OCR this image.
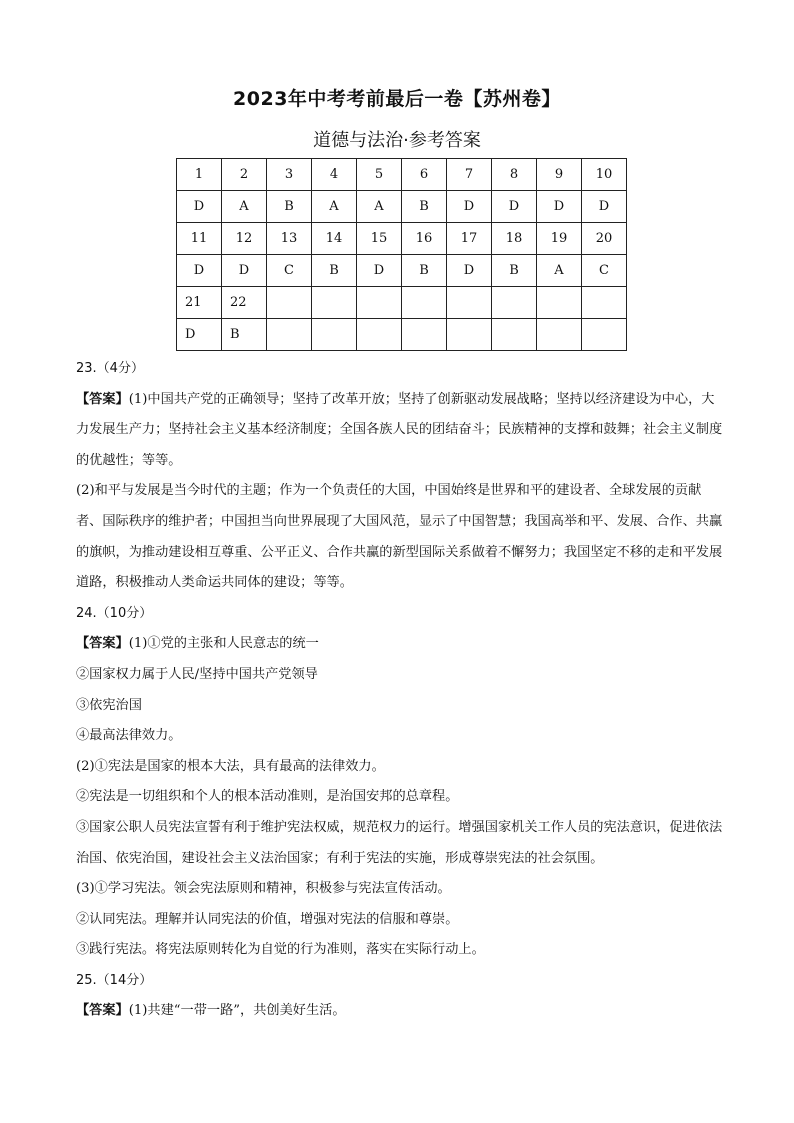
2023年中考考前最后一卷【苏州卷】
道德与法治·参考答案
1	2	3	4	5	6	7	8	9	10
D	A	B	A	A	B	D	D	D	D
11	12	13	14	15	16	17	18	19	20
D	D	C	B	D	B	D	B	A	C
21	22								
D	B								

23.（4分）

【答案】(1)中国共产党的正确领导；坚持了改革开放；坚持了创新驱动发展战略；坚持以经济建设为中心，大力发展生产力；坚持社会主义基本经济制度；全国各族人民的团结奋斗；民族精神的支撑和鼓舞；社会主义制度的优越性；等等。

(2)和平与发展是当今时代的主题；作为一个负责任的大国，中国始终是世界和平的建设者、全球发展的贡献者、国际秩序的维护者；中国担当向世界展现了大国风范，显示了中国智慧；我国高举和平、发展、合作、共赢的旗帜，为推动建设相互尊重、公平正义、合作共赢的新型国际关系做着不懈努力；我国坚定不移的走和平发展道路，积极推动人类命运共同体的建设；等等。

24.（10分）

【答案】(1)①党的主张和人民意志的统一

②国家权力属于人民/坚持中国共产党领导

③依宪治国

④最高法律效力。

(2)①宪法是国家的根本大法，具有最高的法律效力。

②宪法是一切组织和个人的根本活动准则，是治国安邦的总章程。

③国家公职人员宪法宣誓有利于维护宪法权威，规范权力的运行。增强国家机关工作人员的宪法意识，促进依法治国、依宪治国，建设社会主义法治国家；有利于宪法的实施，形成尊崇宪法的社会氛围。

(3)①学习宪法。领会宪法原则和精神，积极参与宪法宣传活动。

②认同宪法。理解并认同宪法的价值，增强对宪法的信服和尊崇。

③践行宪法。将宪法原则转化为自觉的行为准则，落实在实际行动上。

25.（14分）

【答案】(1)共建“一带一路”，共创美好生活。
